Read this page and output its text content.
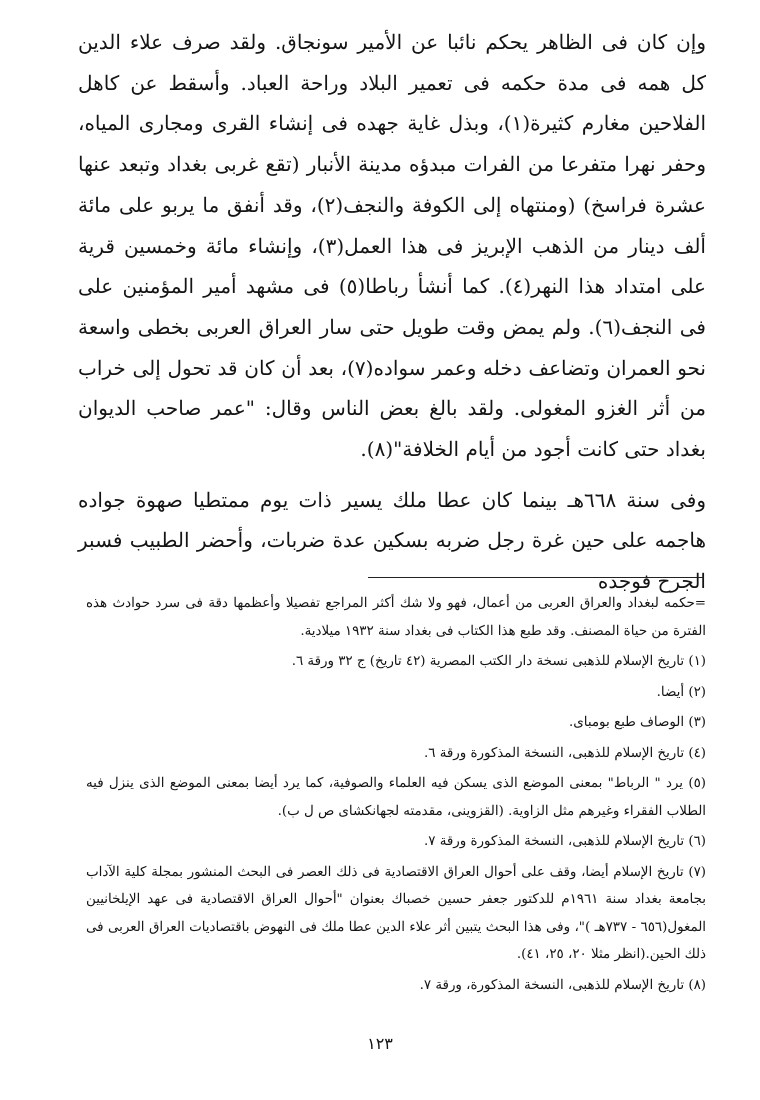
وإن كان فى الظاهر يحكم نائبا عن الأمير سونجاق. ولقد صرف علاء الدين كل همه فى مدة حكمه فى تعمير البلاد وراحة العباد. وأسقط عن كاهل الفلاحين مغارم كثيرة(١)، وبذل غاية جهده فى إنشاء القرى ومجارى المياه، وحفر نهرا متفرعا من الفرات مبدؤه مدينة الأنبار (تقع غربى بغداد وتبعد عنها عشرة فراسخ) (ومنتهاه إلى الكوفة والنجف(٢)، وقد أنفق ما يربو على مائة ألف دينار من الذهب الإبريز فى هذا العمل(٣)، وإنشاء مائة وخمسين قرية على امتداد هذا النهر(٤). كما أنشأ رباطا(٥) فى مشهد أمير المؤمنين على فى النجف(٦). ولم يمض وقت طويل حتى سار العراق العربى بخطى واسعة نحو العمران وتضاعف دخله وعمر سواده(٧)، بعد أن كان قد تحول إلى خراب من أثر الغزو المغولى. ولقد بالغ بعض الناس وقال: "عمر صاحب الديوان بغداد حتى كانت أجود من أيام الخلافة"(٨).

وفى سنة ٦٦٨هـ بينما كان عطا ملك يسير ذات يوم ممتطيا صهوة جواده هاجمه على حين غرة رجل ضربه بسكين عدة ضربات، وأحضر الطبيب فسبر الجرح فوجده

=حكمه لبغداد والعراق العربى من أعمال، فهو ولا شك أكثر المراجع تفصيلا وأعظمها دقة فى سرد حوادث هذه الفترة من حياة المصنف. وقد طبع هذا الكتاب فى بغداد سنة ١٩٣٢ ميلادية.

(١) تاريخ الإسلام للذهبى نسخة دار الكتب المصرية (٤٢ تاريخ) ج ٣٢ ورقة ٦.

(٢) أيضا.

(٣) الوصاف طبع بومباى.

(٤) تاريخ الإسلام للذهبى، النسخة المذكورة ورقة ٦.

(٥) يرد " الرباط" بمعنى الموضع الذى يسكن فيه العلماء والصوفية، كما يرد أيضا بمعنى الموضع الذى ينزل فيه الطلاب الفقراء وغيرهم مثل الزاوية. (القزوينى، مقدمته لجهانكشاى ص ل ب).

(٦) تاريخ الإسلام للذهبى، النسخة المذكورة ورقة ٧.

(٧) تاريخ الإسلام أيضا، وقف على أحوال العراق الاقتصادية فى ذلك العصر فى البحث المنشور بمجلة كلية الآداب بجامعة بغداد سنة ١٩٦١م للدكتور جعفر حسين خصباك بعنوان "أحوال العراق الاقتصادية فى عهد الإيلخانيين المغول(٦٥٦ - ٧٣٧هـ )"، وفى هذا البحث يتبين أثر علاء الدين عطا ملك فى النهوض باقتصاديات العراق العربى فى ذلك الحين.(انظر مثلا ٢٠، ٢٥، ٤١).

(٨) تاريخ الإسلام للذهبى، النسخة المذكورة، ورقة ٧.

١٢٣
